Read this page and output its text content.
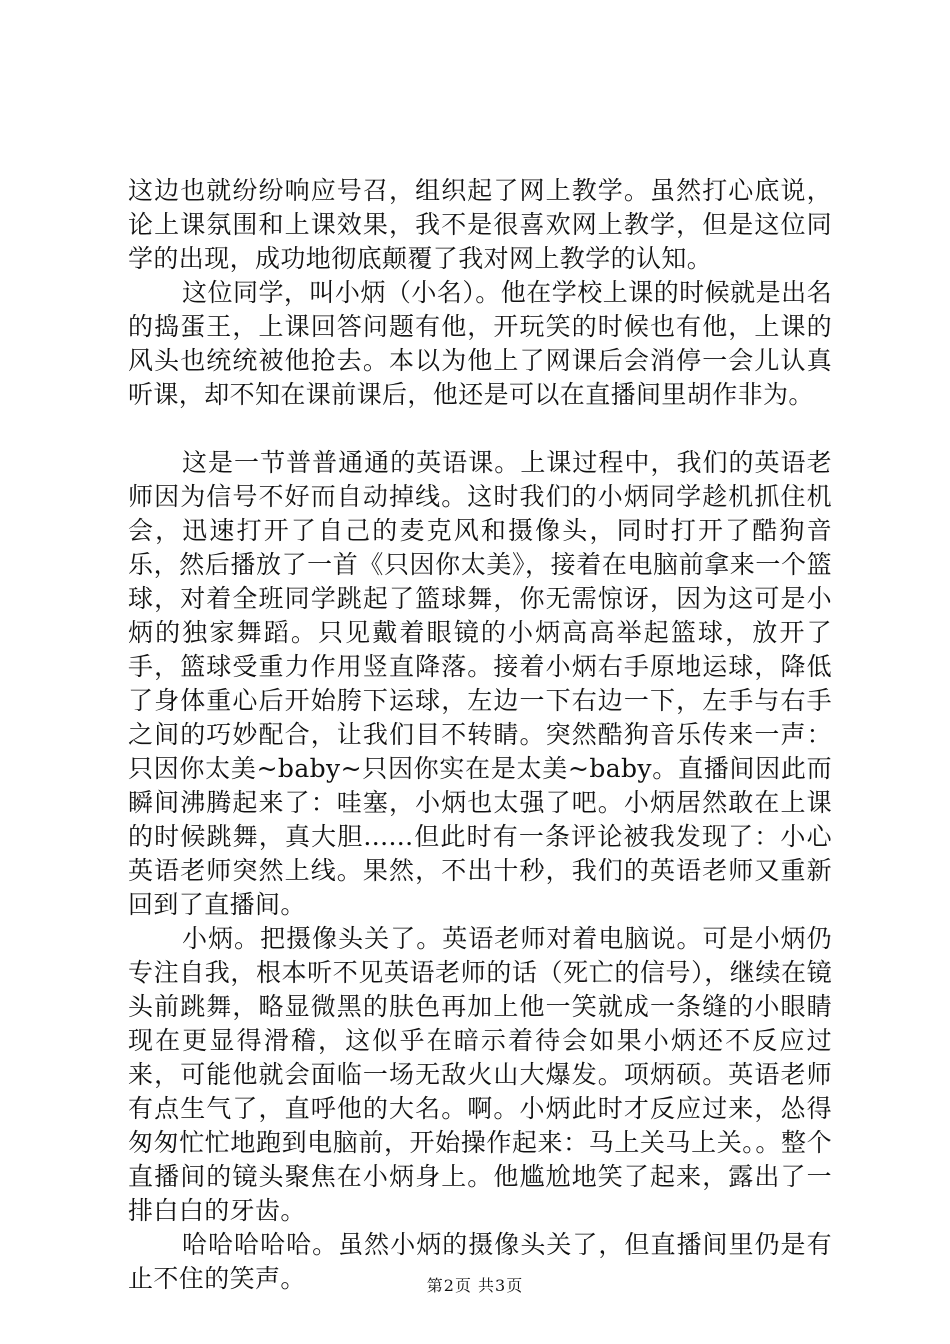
这边也就纷纷响应号召，组织起了网上教学。虽然打心底说，论上课氛围和上课效果，我不是很喜欢网上教学，但是这位同学的出现，成功地彻底颠覆了我对网上教学的认知。

这位同学，叫小炳（小名）。他在学校上课的时候就是出名的捣蛋王，上课回答问题有他，开玩笑的时候也有他，上课的风头也统统被他抢去。本以为他上了网课后会消停一会儿认真听课，却不知在课前课后，他还是可以在直播间里胡作非为。

这是一节普普通通的英语课。上课过程中，我们的英语老师因为信号不好而自动掉线。这时我们的小炳同学趁机抓住机会，迅速打开了自己的麦克风和摄像头，同时打开了酷狗音乐，然后播放了一首《只因你太美》，接着在电脑前拿来一个篮球，对着全班同学跳起了篮球舞，你无需惊讶，因为这可是小炳的独家舞蹈。只见戴着眼镜的小炳高高举起篮球，放开了手，篮球受重力作用竖直降落。接着小炳右手原地运球，降低了身体重心后开始胯下运球，左边一下右边一下，左手与右手之间的巧妙配合，让我们目不转睛。突然酷狗音乐传来一声：只因你太美~baby~只因你实在是太美~baby。直播间因此而瞬间沸腾起来了：哇塞，小炳也太强了吧。小炳居然敢在上课的时候跳舞，真大胆......但此时有一条评论被我发现了：小心英语老师突然上线。果然，不出十秒，我们的英语老师又重新回到了直播间。

小炳。把摄像头关了。英语老师对着电脑说。可是小炳仍专注自我，根本听不见英语老师的话（死亡的信号），继续在镜头前跳舞，略显微黑的肤色再加上他一笑就成一条缝的小眼睛现在更显得滑稽，这似乎在暗示着待会如果小炳还不反应过来，可能他就会面临一场无敌火山大爆发。项炳硕。英语老师有点生气了，直呼他的大名。啊。小炳此时才反应过来，怂得匆匆忙忙地跑到电脑前，开始操作起来：马上关马上关。。整个直播间的镜头聚焦在小炳身上。他尴尬地笑了起来，露出了一排白白的牙齿。

哈哈哈哈哈。虽然小炳的摄像头关了，但直播间里仍是有止不住的笑声。	第2页 共3页
